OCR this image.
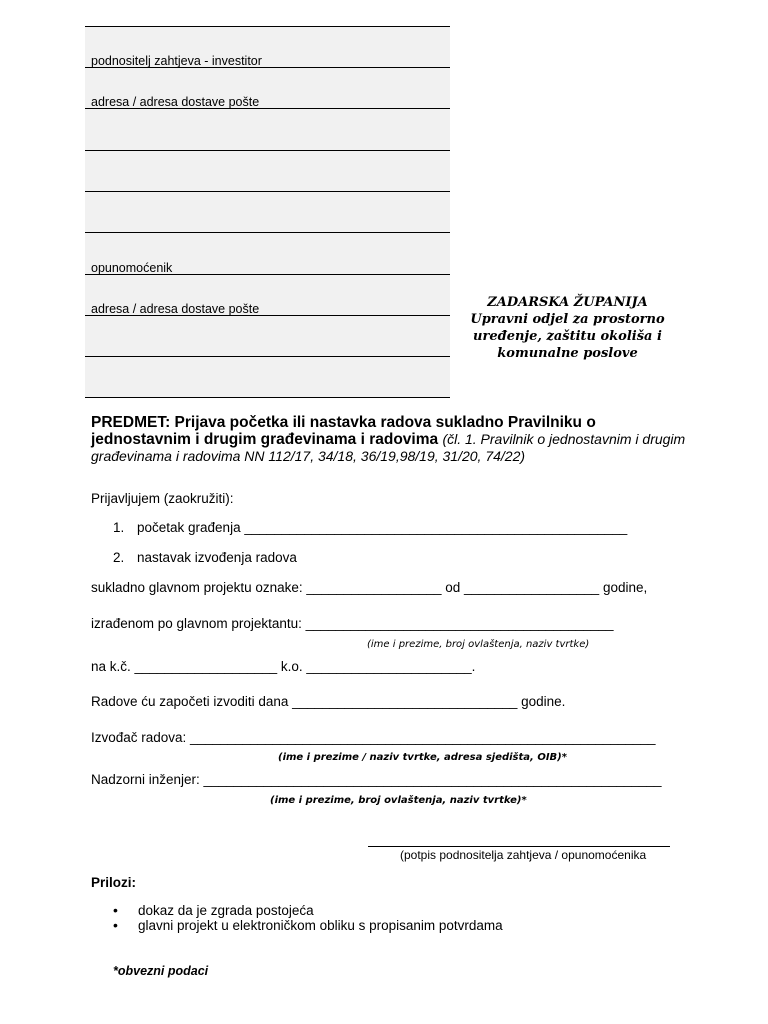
podnositelj zahtjeva - investitor
adresa / adresa dostave pošte
opunomoćenik
adresa / adresa dostave pošte	ZADARSKA ŽUPANIJA
Upravni odjel za prostorno
uređenje, zaštitu okoliša i
komunalne poslove
PREDMET: Prijava početka ili nastavka radova sukladno Pravilniku o jednostavnim i drugim građevinama i radovima (čl. 1. Pravilnik o jednostavnim i drugim građevinama i radovima NN 112/17, 34/18, 36/19,98/19, 31/20, 74/22)
Prijavljujem (zaokružiti):
1. početak građenja ___________________________________________________
2. nastavak izvođenja radova
sukladno glavnom projektu oznake: __________________ od __________________ godine,
izrađenom po glavnom projektantu: _________________________________________
(ime i prezime, broj ovlaštenja, naziv tvrtke)
na k.č. ___________________ k.o. ______________________.
Radove ću započeti izvoditi dana ______________________________ godine.
Izvođač radova: ______________________________________________________________
(ime i prezime / naziv tvrtke, adresa sjedišta, OIB)*
Nadzorni inženjer: _____________________________________________________________
(ime i prezime, broj ovlaštenja, naziv tvrtke)*
(potpis podnositelja zahtjeva / opunomoćenika
Prilozi:
• dokaz da je zgrada postojeća
• glavni projekt u elektroničkom obliku s propisanim potvrdama
*obvezni podaci
